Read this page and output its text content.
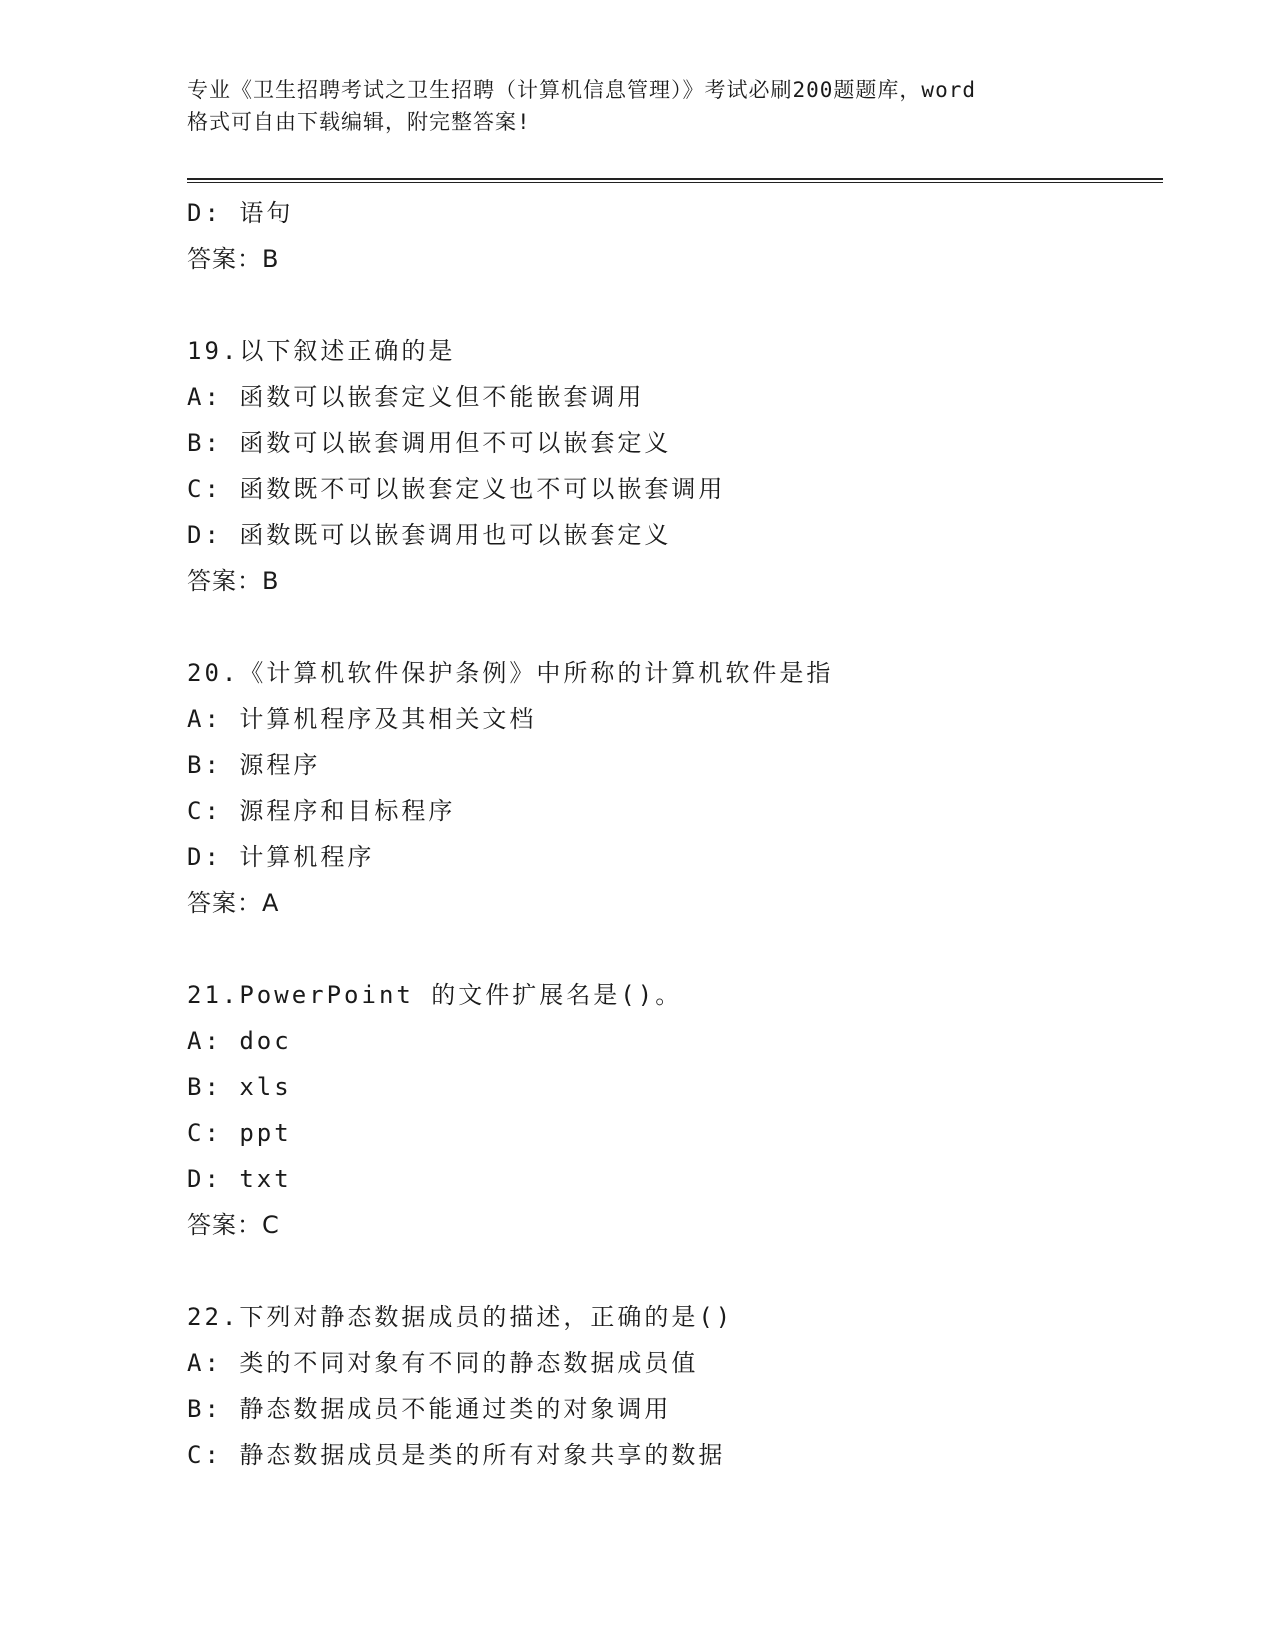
专业《卫生招聘考试之卫生招聘（计算机信息管理）》考试必刷200题题库，word
格式可自由下载编辑，附完整答案!
D: 语句
答案：B
19.以下叙述正确的是
A: 函数可以嵌套定义但不能嵌套调用
B: 函数可以嵌套调用但不可以嵌套定义
C: 函数既不可以嵌套定义也不可以嵌套调用
D: 函数既可以嵌套调用也可以嵌套定义
答案：B
20.《计算机软件保护条例》中所称的计算机软件是指
A: 计算机程序及其相关文档
B: 源程序
C: 源程序和目标程序
D: 计算机程序
答案：A
21.PowerPoint 的文件扩展名是()。
A: doc
B: xls
C: ppt
D: txt
答案：C
22.下列对静态数据成员的描述，正确的是()
A: 类的不同对象有不同的静态数据成员值
B: 静态数据成员不能通过类的对象调用
C: 静态数据成员是类的所有对象共享的数据
